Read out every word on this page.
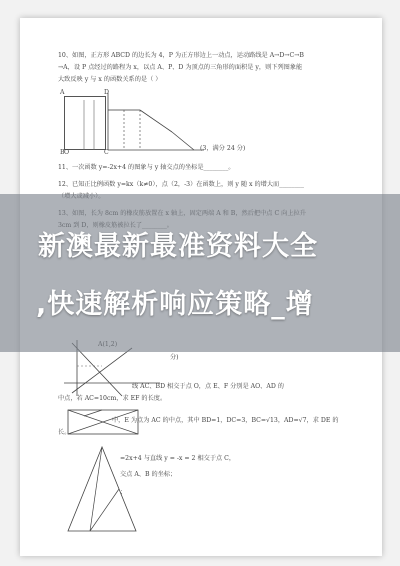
10、如图，正方形 ABCD 的边长为 4，P 为正方形边上一动点，运动路线是 A→D→C→B
→A，设 P 点经过的路程为 x，以点 A、P、D 为顶点的三角形的面积是 y，则下列图象能
大致反映 y 与 x 的函数关系的是（ ）
A	D
B	C
O
(3，满分 24 分)
11、一次函数 y=-2x+4 的图象与 y 轴交点的坐标是________。
12、已知正比例函数 y=kx（k≠0），点（2，-3）在函数上，则 y 随 x 的增大而________
分)
线 AC、BD 相交于点 O，点 E、F 分别是 AO、AD 的
中点，若 AC=10cm，求 EF 的长度。
中，E 为点为 AC 的中点，其中 BD=1，DC=3，BC=√13，AD=√7，求 DE 的
长。
=2x+4 与直线 y = -x = 2 相交于点 C，
交点 A、B 的坐标；
；
新澳最新最准资料大全
,快速解析响应策略_增
